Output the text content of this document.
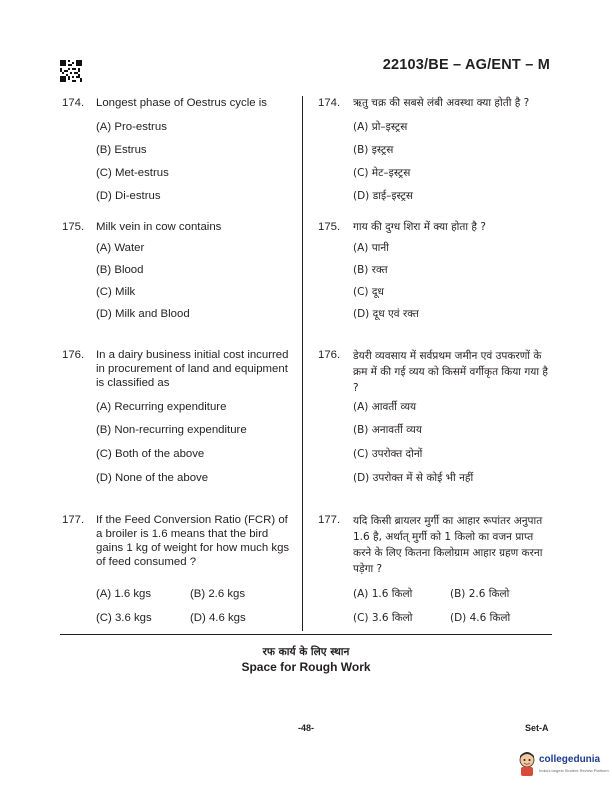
22103/BE – AG/ENT – M
174. Longest phase of Oestrus cycle is
(A) Pro-estrus
(B) Estrus
(C) Met-estrus
(D) Di-estrus
175. Milk vein in cow contains
(A) Water
(B) Blood
(C) Milk
(D) Milk and Blood
176. In a dairy business initial cost incurred in procurement of land and equipment is classified as
(A) Recurring expenditure
(B) Non-recurring expenditure
(C) Both of the above
(D) None of the above
177. If the Feed Conversion Ratio (FCR) of a broiler is 1.6 means that the bird gains 1 kg of weight for how much kgs of feed consumed ?
(A) 1.6 kgs	(B) 2.6 kgs
(C) 3.6 kgs	(D) 4.6 kgs
174. ऋतु चक्र की सबसे लंबी अवस्था क्या होती है ?
(A) प्रो–इस्ट्रस
(B) इस्ट्रस
(C) मेट–इस्ट्रस
(D) डाई–इस्ट्रस
175. गाय की दुग्ध शिरा में क्या होता है ?
(A) पानी
(B) रक्त
(C) दूध
(D) दूध एवं रक्त
176. डेयरी व्यवसाय में सर्वप्रथम जमीन एवं उपकरणों के क्रम में की गई व्यय को किसमें वर्गीकृत किया गया है ?
(A) आवर्ती व्यय
(B) अनावर्ती व्यय
(C) उपरोक्त दोनों
(D) उपरोक्त में से कोई भी नहीं
177. यदि किसी ब्रायलर मुर्गी का आहार रूपांतर अनुपात 1.6 है, अर्थात् मुर्गी को 1 किलो का वजन प्राप्त करने के लिए कितना किलोग्राम आहार ग्रहण करना पड़ेगा ?
(A) 1.6 किलो	(B) 2.6 किलो
(C) 3.6 किलो	(D) 4.6 किलो
रफ कार्य के लिए स्थान
Space for Rough Work
-48-	Set-A
collegedunia
India's largest Student Review Platform
